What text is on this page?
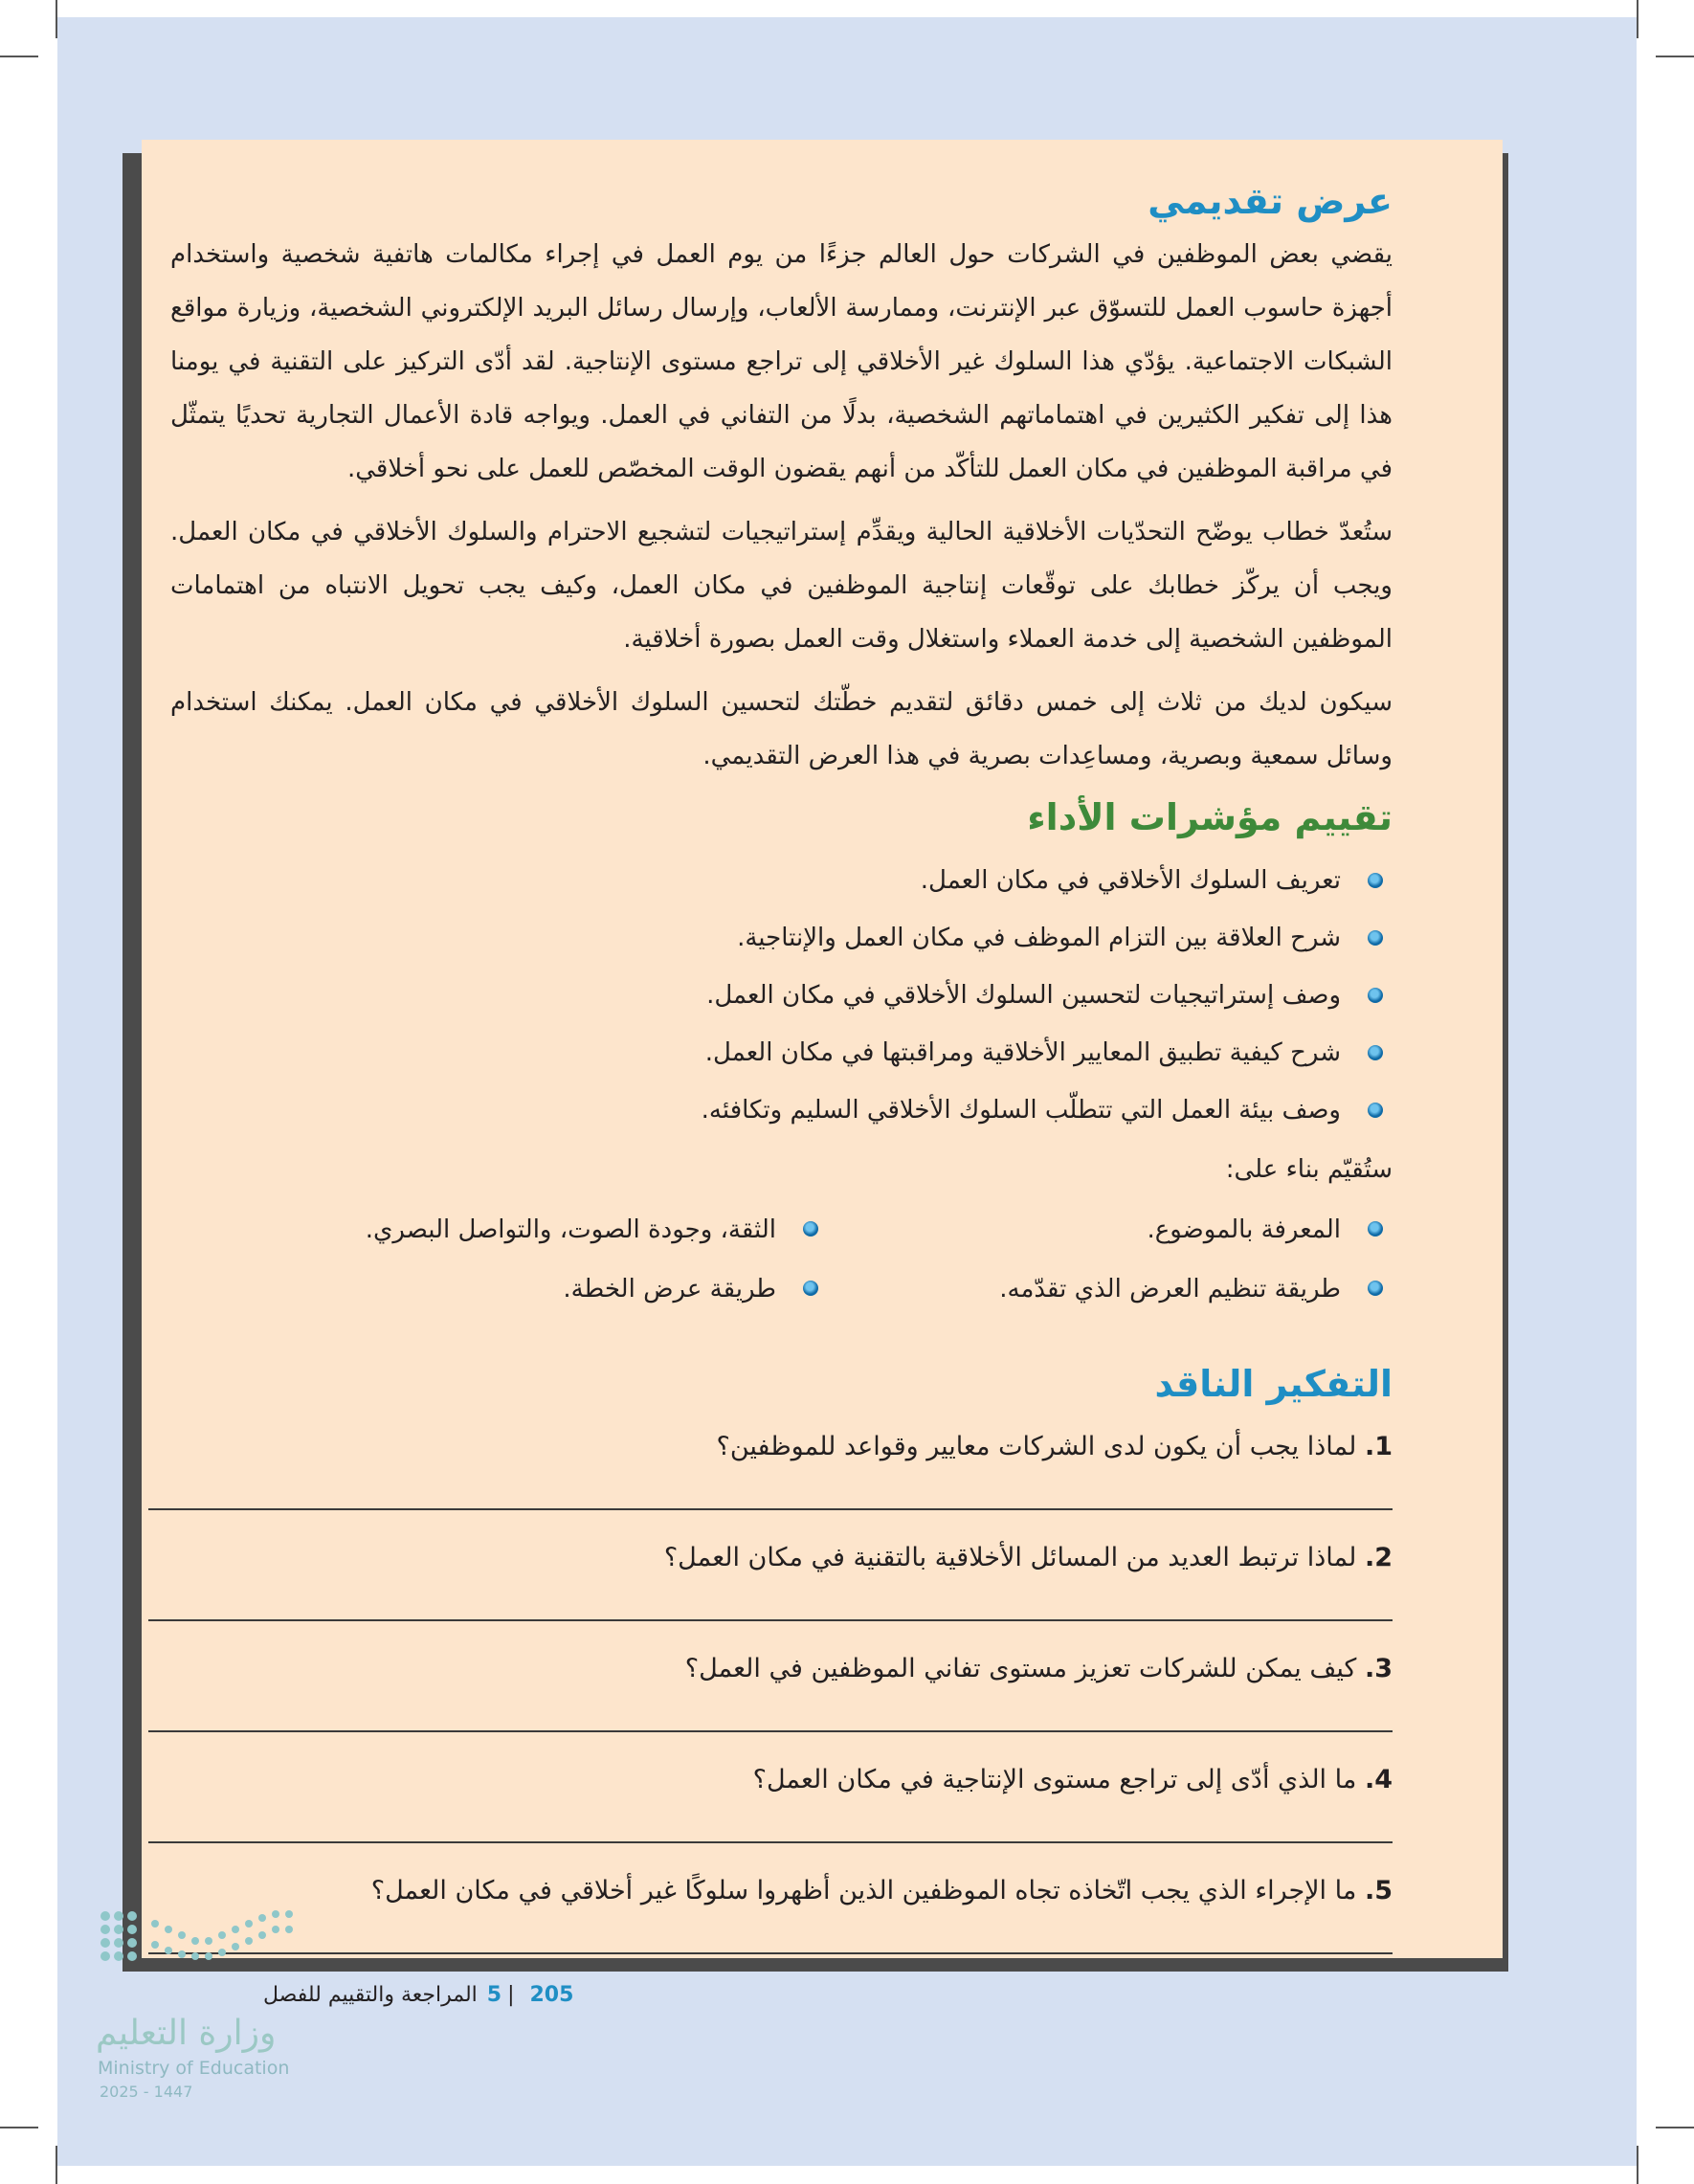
عرض تقديمي

يقضي بعض الموظفين في الشركات حول العالم جزءًا من يوم العمل في إجراء مكالمات هاتفية شخصية واستخدام أجهزة حاسوب العمل للتسوّق عبر الإنترنت، وممارسة الألعاب، وإرسال رسائل البريد الإلكتروني الشخصية، وزيارة مواقع الشبكات الاجتماعية. يؤدّي هذا السلوك غير الأخلاقي إلى تراجع مستوى الإنتاجية. لقد أدّى التركيز على التقنية في يومنا هذا إلى تفكير الكثيرين في اهتماماتهم الشخصية، بدلًا من التفاني في العمل. ويواجه قادة الأعمال التجارية تحديًا يتمثّل في مراقبة الموظفين في مكان العمل للتأكّد من أنهم يقضون الوقت المخصّص للعمل على نحو أخلاقي.

ستُعدّ خطاب يوضّح التحدّيات الأخلاقية الحالية ويقدِّم إستراتيجيات لتشجيع الاحترام والسلوك الأخلاقي في مكان العمل. ويجب أن يركّز خطابك على توقّعات إنتاجية الموظفين في مكان العمل، وكيف يجب تحويل الانتباه من اهتمامات الموظفين الشخصية إلى خدمة العملاء واستغلال وقت العمل بصورة أخلاقية.

سيكون لديك من ثلاث إلى خمس دقائق لتقديم خطّتك لتحسين السلوك الأخلاقي في مكان العمل. يمكنك استخدام وسائل سمعية وبصرية، ومساعِدات بصرية في هذا العرض التقديمي.

تقييم مؤشرات الأداء
تعريف السلوك الأخلاقي في مكان العمل.
شرح العلاقة بين التزام الموظف في مكان العمل والإنتاجية.
وصف إستراتيجيات لتحسين السلوك الأخلاقي في مكان العمل.
شرح كيفية تطبيق المعايير الأخلاقية ومراقبتها في مكان العمل.
وصف بيئة العمل التي تتطلّب السلوك الأخلاقي السليم وتكافئه.

ستُقيّم بناء على:

المعرفة بالموضوع.
الثقة، وجودة الصوت، والتواصل البصري.
طريقة تنظيم العرض الذي تقدّمه.
طريقة عرض الخطة.
التفكير الناقد
1. لماذا يجب أن يكون لدى الشركات معايير وقواعد للموظفين؟
2. لماذا ترتبط العديد من المسائل الأخلاقية بالتقنية في مكان العمل؟
3. كيف يمكن للشركات تعزيز مستوى تفاني الموظفين في العمل؟
4. ما الذي أدّى إلى تراجع مستوى الإنتاجية في مكان العمل؟
5. ما الإجراء الذي يجب اتّخاذه تجاه الموظفين الذين أظهروا سلوكًا غير أخلاقي في مكان العمل؟
205|5المراجعة والتقييم للفصل
وزارة التعليم
Ministry of Education
2025 - 1447
